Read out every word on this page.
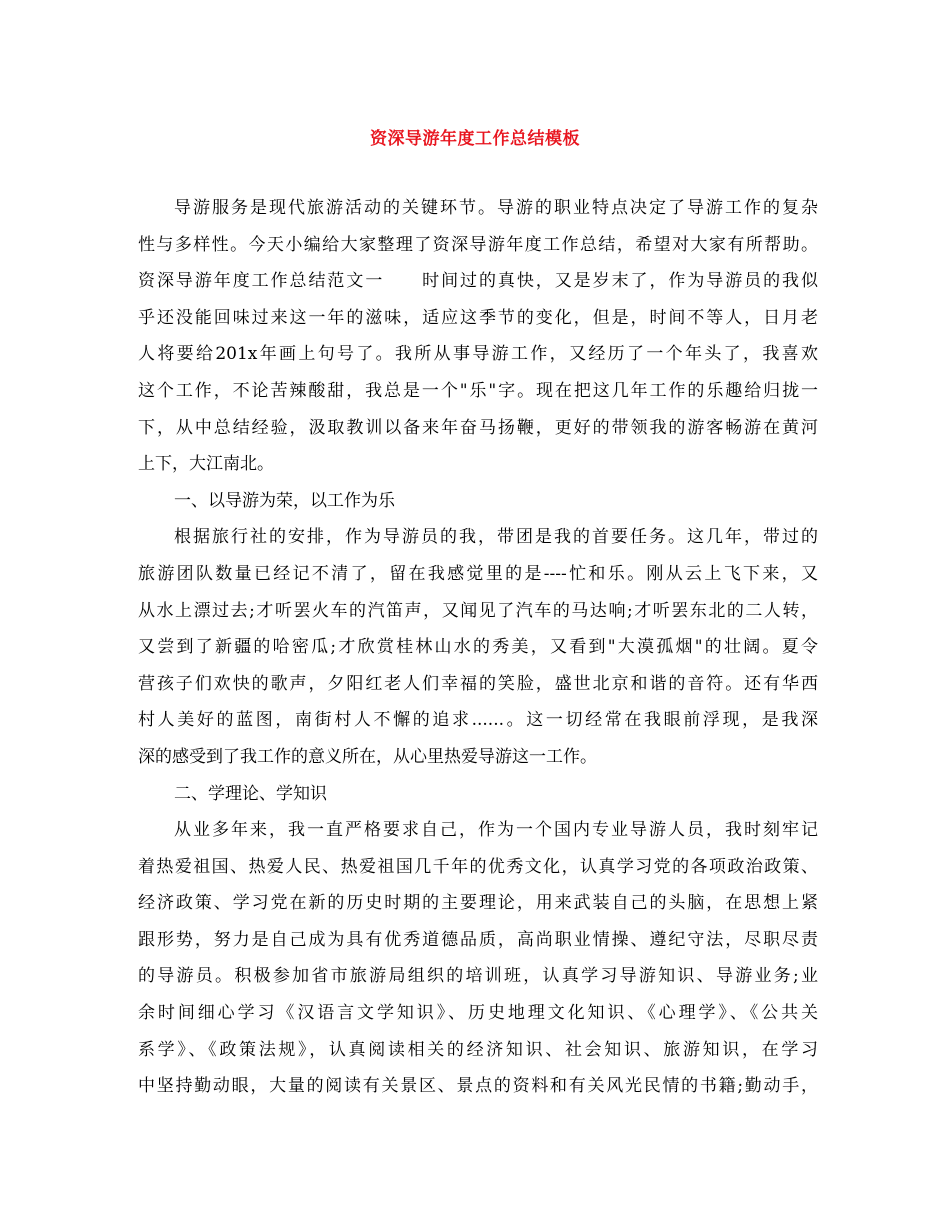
资深导游年度工作总结模板
导游服务是现代旅游活动的关键环节。导游的职业特点决定了导游工作的复杂
性与多样性。今天小编给大家整理了资深导游年度工作总结，希望对大家有所帮助。
资深导游年度工作总结范文一　　时间过的真快，又是岁末了，作为导游员的我似
乎还没能回味过来这一年的滋味，适应这季节的变化，但是，时间不等人，日月老
人将要给201x年画上句号了。我所从事导游工作，又经历了一个年头了，我喜欢
这个工作，不论苦辣酸甜，我总是一个"乐"字。现在把这几年工作的乐趣给归拢一
下，从中总结经验，汲取教训以备来年奋马扬鞭，更好的带领我的游客畅游在黄河
上下，大江南北。
一、以导游为荣，以工作为乐
根据旅行社的安排，作为导游员的我，带团是我的首要任务。这几年，带过的
旅游团队数量已经记不清了，留在我感觉里的是----忙和乐。刚从云上飞下来，又
从水上漂过去;才听罢火车的汽笛声，又闻见了汽车的马达响;才听罢东北的二人转，
又尝到了新疆的哈密瓜;才欣赏桂林山水的秀美，又看到"大漠孤烟"的壮阔。夏令
营孩子们欢快的歌声，夕阳红老人们幸福的笑脸，盛世北京和谐的音符。还有华西
村人美好的蓝图，南街村人不懈的追求......。这一切经常在我眼前浮现，是我深
深的感受到了我工作的意义所在，从心里热爱导游这一工作。
二、学理论、学知识
从业多年来，我一直严格要求自己，作为一个国内专业导游人员，我时刻牢记
着热爱祖国、热爱人民、热爱祖国几千年的优秀文化，认真学习党的各项政治政策、
经济政策、学习党在新的历史时期的主要理论，用来武装自己的头脑，在思想上紧
跟形势，努力是自己成为具有优秀道德品质，高尚职业情操、遵纪守法，尽职尽责
的导游员。积极参加省市旅游局组织的培训班，认真学习导游知识、导游业务;业
余时间细心学习《汉语言文学知识》、历史地理文化知识、《心理学》、《公共关
系学》、《政策法规》，认真阅读相关的经济知识、社会知识、旅游知识，在学习
中坚持勤动眼，大量的阅读有关景区、景点的资料和有关风光民情的书籍;勤动手，
